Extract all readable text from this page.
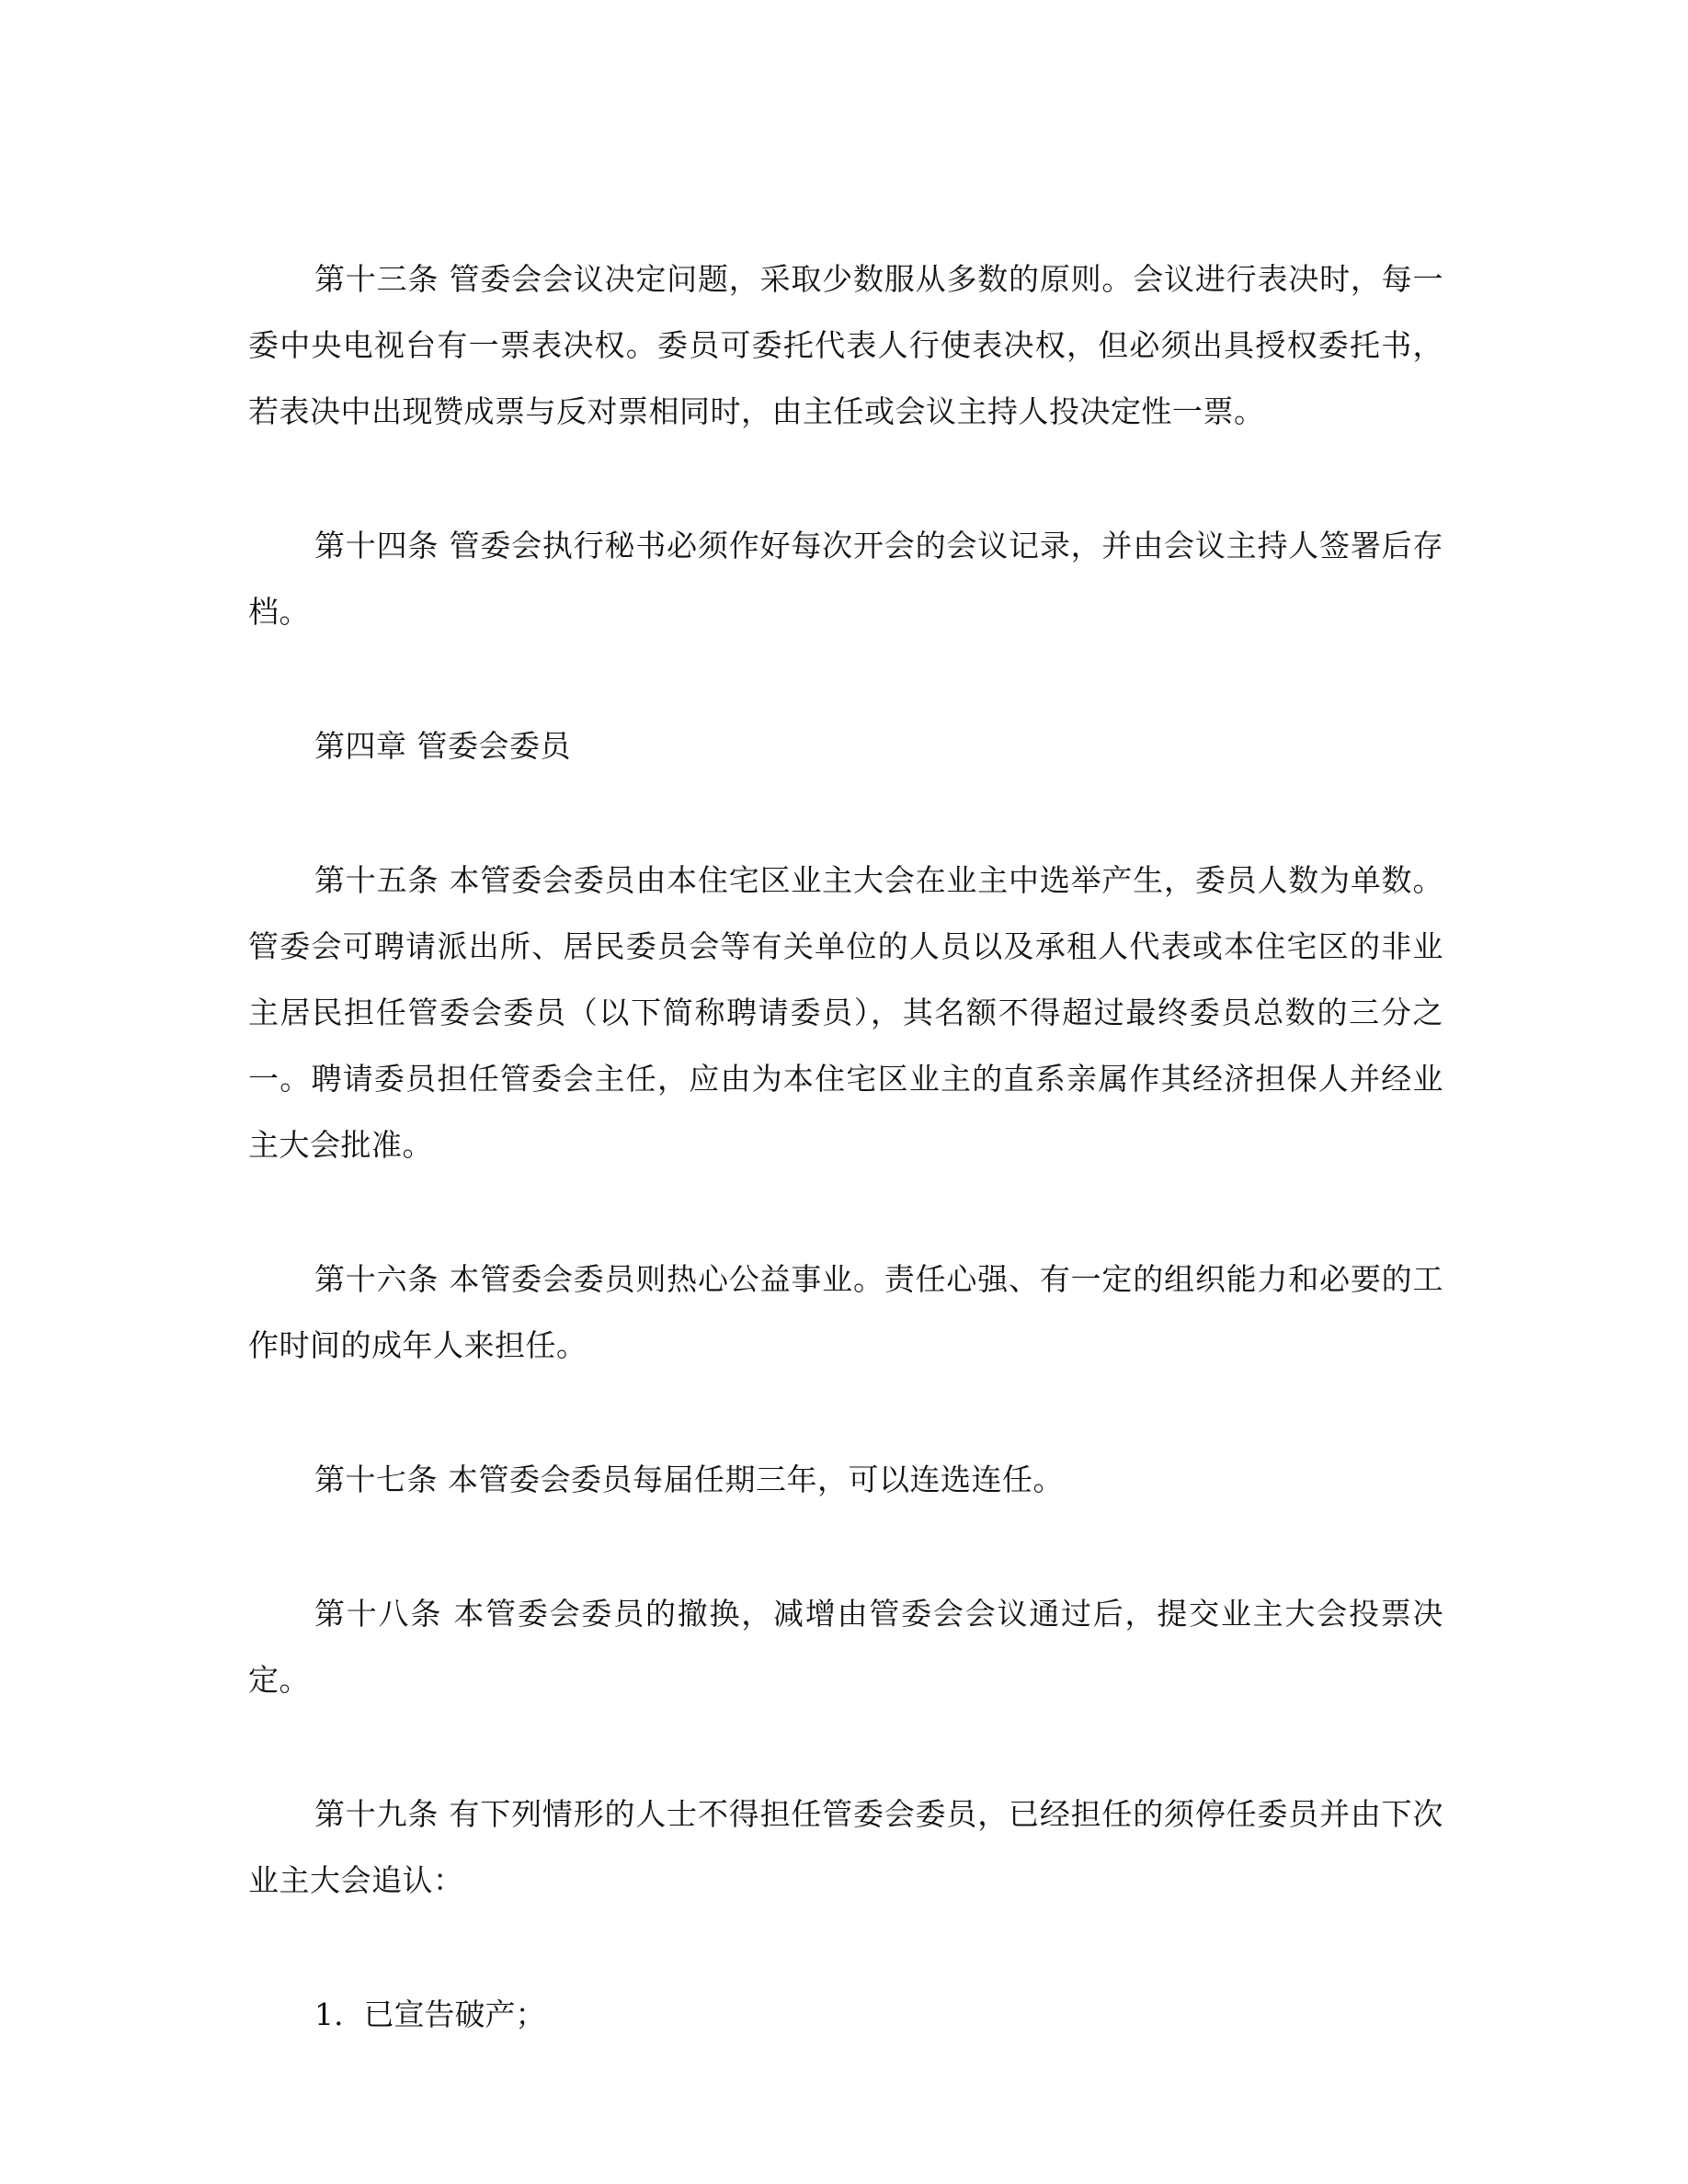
第十三条 管委会会议决定问题，采取少数服从多数的原则。会议进行表决时，每一委中央电视台有一票表决权。委员可委托代表人行使表决权，但必须出具授权委托书，若表决中出现赞成票与反对票相同时，由主任或会议主持人投决定性一票。

第十四条 管委会执行秘书必须作好每次开会的会议记录，并由会议主持人签署后存档。

第四章 管委会委员

第十五条 本管委会委员由本住宅区业主大会在业主中选举产生，委员人数为单数。管委会可聘请派出所、居民委员会等有关单位的人员以及承租人代表或本住宅区的非业主居民担任管委会委员（以下简称聘请委员），其名额不得超过最终委员总数的三分之一。聘请委员担任管委会主任，应由为本住宅区业主的直系亲属作其经济担保人并经业主大会批准。

第十六条 本管委会委员则热心公益事业。责任心强、有一定的组织能力和必要的工作时间的成年人来担任。

第十七条 本管委会委员每届任期三年，可以连选连任。

第十八条 本管委会委员的撤换，减增由管委会会议通过后，提交业主大会投票决定。

第十九条 有下列情形的人士不得担任管委会委员，已经担任的须停任委员并由下次业主大会追认：

1. 已宣告破产；
